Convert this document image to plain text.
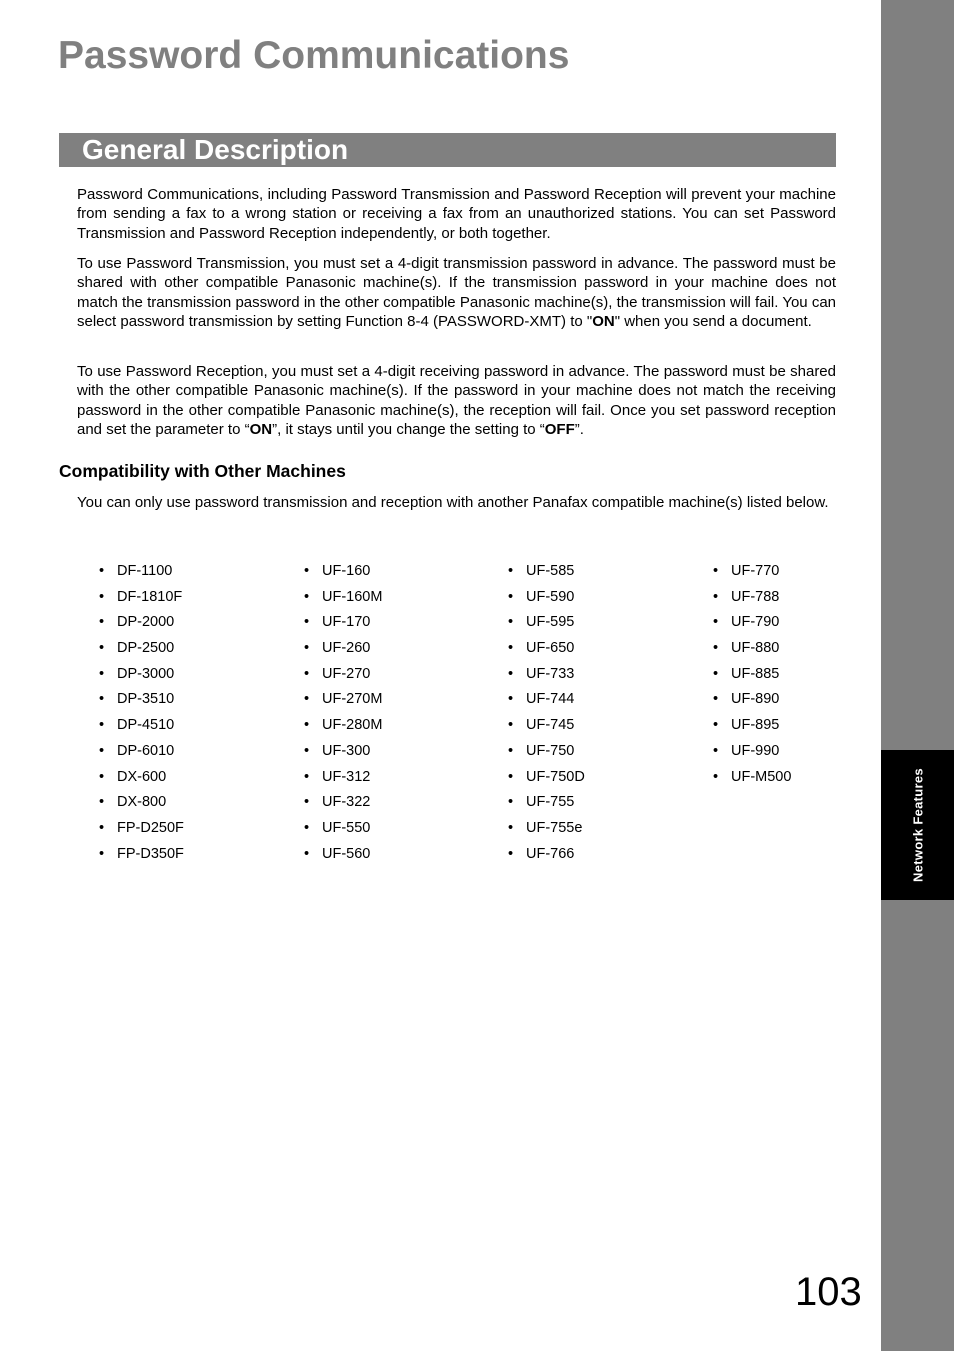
Network Features
Password Communications
General Description

Password Communications, including Password Transmission and Password Reception will prevent your machine from sending a fax to a wrong station or receiving a fax from an unauthorized stations. You can set Password Transmission and Password Reception independently, or both together.

To use Password Transmission, you must set a 4-digit transmission password in advance. The password must be shared with other compatible Panasonic machine(s). If the transmission password in your machine does not match the transmission password in the other compatible Panasonic machine(s), the transmission will fail. You can select password transmission by setting Function 8-4 (PASSWORD-XMT) to "ON" when you send a document.

To use Password Reception, you must set a 4-digit receiving password in advance. The password must be shared with the other compatible Panasonic machine(s). If the password in your machine does not match the receiving password in the other compatible Panasonic machine(s), the reception will fail. Once you set password reception and set the parameter to “ON”, it stays until you change the setting to “OFF”.

Compatibility with Other Machines

You can only use password transmission and reception with another Panafax compatible machine(s) listed below.

• DF-1100
• DF-1810F
• DP-2000
• DP-2500
• DP-3000
• DP-3510
• DP-4510
• DP-6010
• DX-600
• DX-800
• FP-D250F
• FP-D350F
• UF-160
• UF-160M
• UF-170
• UF-260
• UF-270
• UF-270M
• UF-280M
• UF-300
• UF-312
• UF-322
• UF-550
• UF-560
• UF-585
• UF-590
• UF-595
• UF-650
• UF-733
• UF-744
• UF-745
• UF-750
• UF-750D
• UF-755
• UF-755e
• UF-766
• UF-770
• UF-788
• UF-790
• UF-880
• UF-885
• UF-890
• UF-895
• UF-990
• UF-M500
103
